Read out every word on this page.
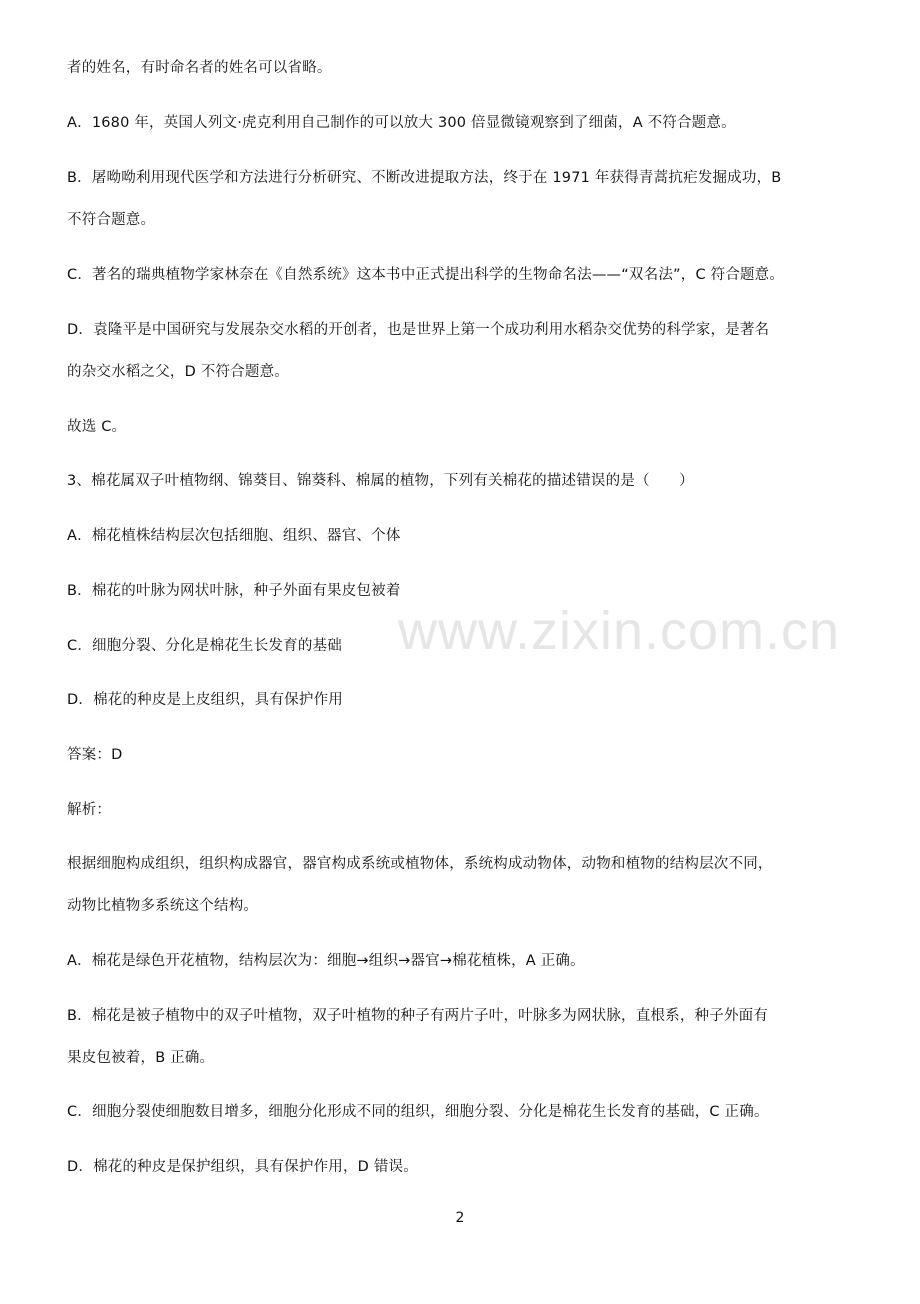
www.zixin.com.cn
者的姓名，有时命名者的姓名可以省略。
A．1680 年，英国人列文·虎克利用自己制作的可以放大 300 倍显微镜观察到了细菌，A 不符合题意。
B．屠呦呦利用现代医学和方法进行分析研究、不断改进提取方法，终于在 1971 年获得青蒿抗疟发掘成功，B
不符合题意。
C．著名的瑞典植物学家林奈在《自然系统》这本书中正式提出科学的生物命名法——“双名法”，C 符合题意。
D．袁隆平是中国研究与发展杂交水稻的开创者，也是世界上第一个成功利用水稻杂交优势的科学家，是著名
的杂交水稻之父，D 不符合题意。
故选 C。
3、棉花属双子叶植物纲、锦葵目、锦葵科、棉属的植物，下列有关棉花的描述错误的是（　　）
A．棉花植株结构层次包括细胞、组织、器官、个体
B．棉花的叶脉为网状叶脉，种子外面有果皮包被着
C．细胞分裂、分化是棉花生长发育的基础
D．棉花的种皮是上皮组织，具有保护作用
答案：D
解析：
根据细胞构成组织，组织构成器官，器官构成系统或植物体，系统构成动物体，动物和植物的结构层次不同，
动物比植物多系统这个结构。
A．棉花是绿色开花植物，结构层次为：细胞→组织→器官→棉花植株，A 正确。
B．棉花是被子植物中的双子叶植物，双子叶植物的种子有两片子叶，叶脉多为网状脉，直根系，种子外面有
果皮包被着，B 正确。
C．细胞分裂使细胞数目增多，细胞分化形成不同的组织，细胞分裂、分化是棉花生长发育的基础，C 正确。
D．棉花的种皮是保护组织，具有保护作用，D 错误。
2
